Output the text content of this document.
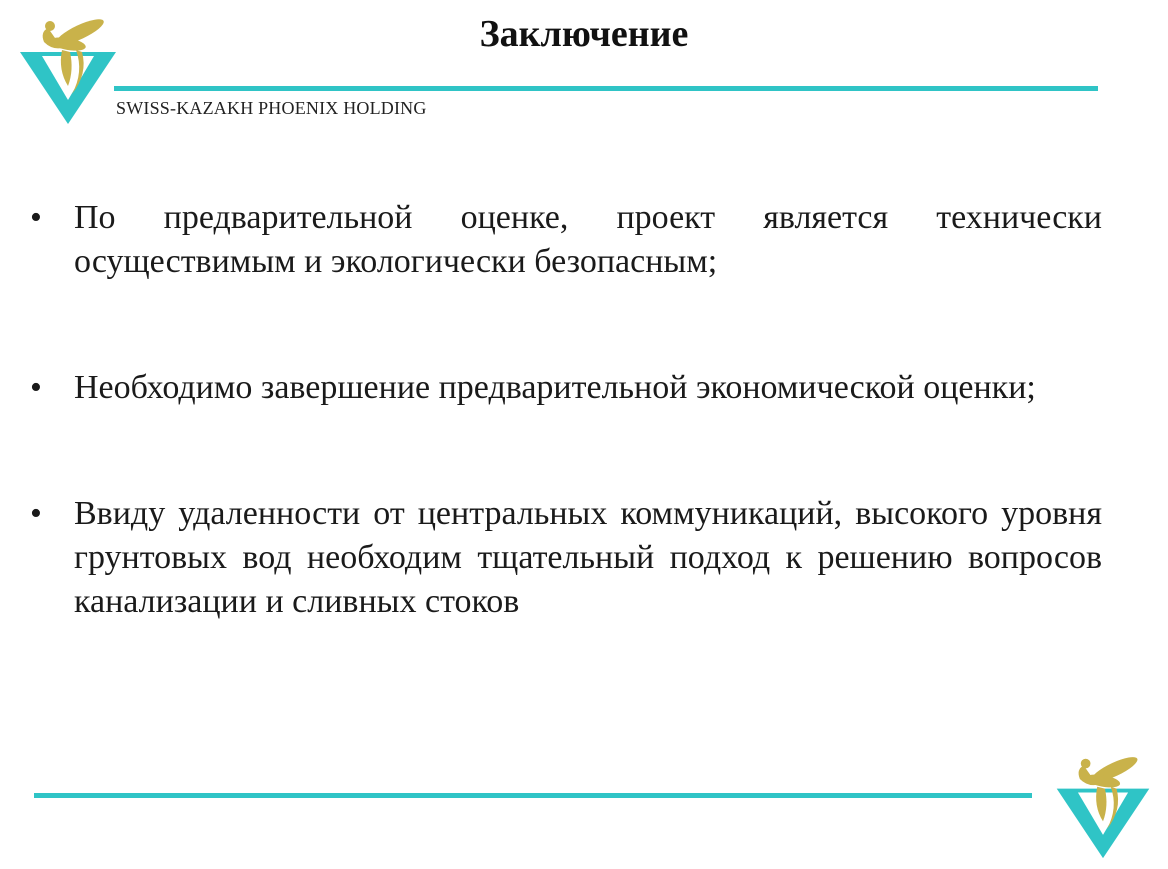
Заключение
SWISS-KAZAKH PHOENIX HOLDING
• По предварительной оценке, проект является технически осуществимым и экологически безопасным;

• Необходимо завершение предварительной экономической оценки;

• Ввиду удаленности от центральных коммуникаций, высокого уровня грунтовых вод необходим тщательный подход к решению вопросов канализации и сливных стоков
